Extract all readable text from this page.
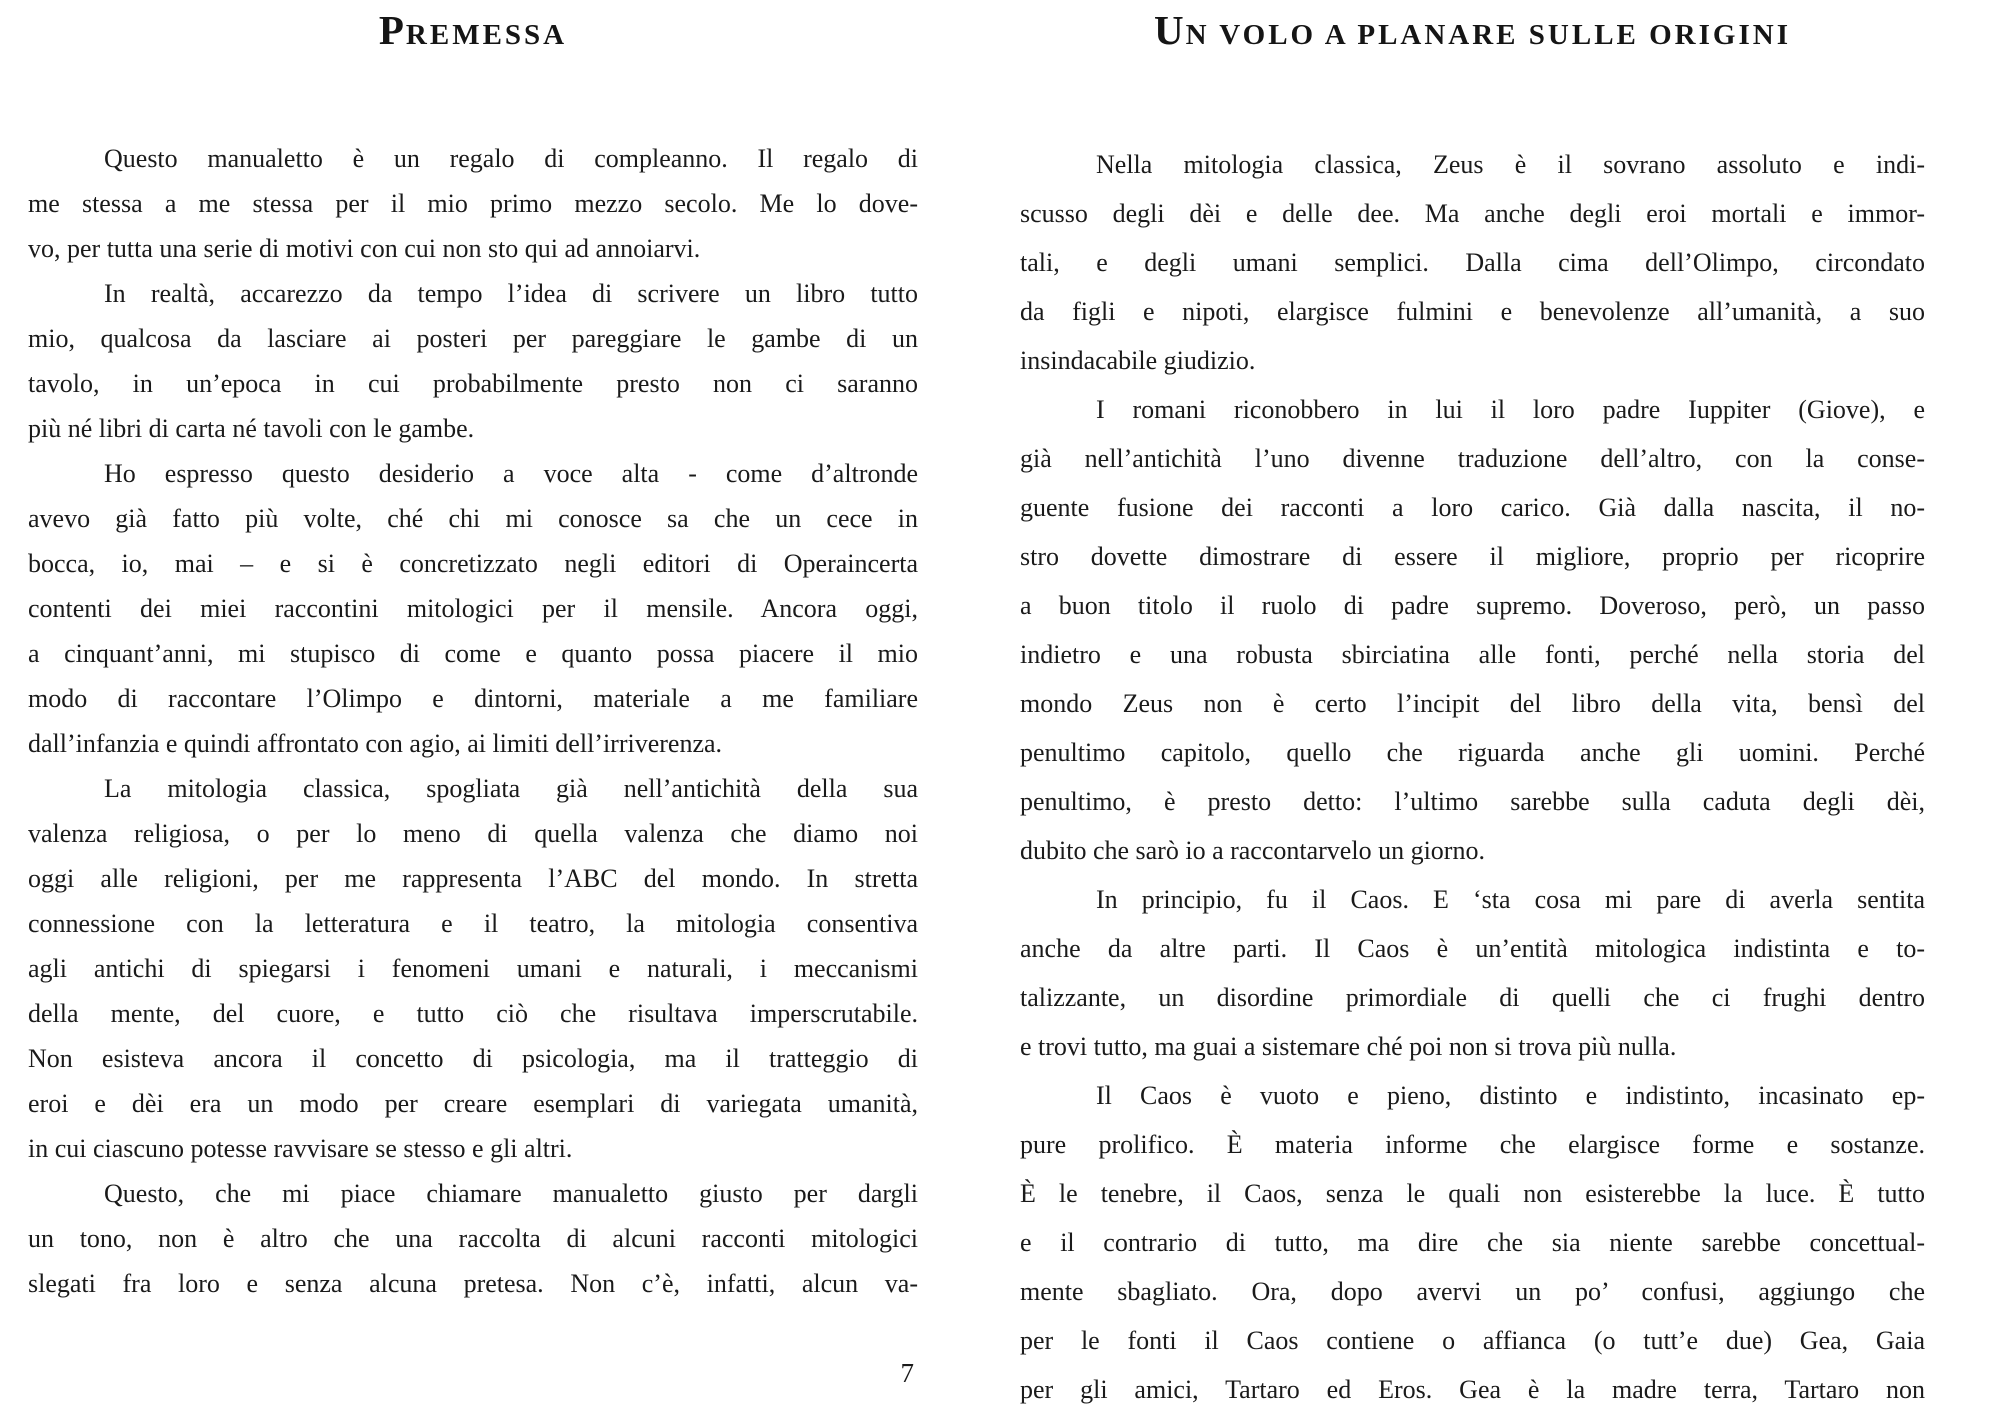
PREMESSA
Questo manualetto è un regalo di compleanno. Il regalo di
me stessa a me stessa per il mio primo mezzo secolo. Me lo dove-
vo, per tutta una serie di motivi con cui non sto qui ad annoiarvi.
In realtà, accarezzo da tempo l’idea di scrivere un libro tutto
mio, qualcosa da lasciare ai posteri per pareggiare le gambe di un
tavolo, in un’epoca in cui probabilmente presto non ci saranno
più né libri di carta né tavoli con le gambe.
Ho espresso questo desiderio a voce alta - come d’altronde
avevo già fatto più volte, ché chi mi conosce sa che un cece in
bocca, io, mai – e si è concretizzato negli editori di Operaincerta
contenti dei miei raccontini mitologici per il mensile. Ancora oggi,
a cinquant’anni, mi stupisco di come e quanto possa piacere il mio
modo di raccontare l’Olimpo e dintorni, materiale a me familiare
dall’infanzia e quindi affrontato con agio, ai limiti dell’irriverenza.
La mitologia classica, spogliata già nell’antichità della sua
valenza religiosa, o per lo meno di quella valenza che diamo noi
oggi alle religioni, per me rappresenta l’ABC del mondo. In stretta
connessione con la letteratura e il teatro, la mitologia consentiva
agli antichi di spiegarsi i fenomeni umani e naturali, i meccanismi
della mente, del cuore, e tutto ciò che risultava imperscrutabile.
Non esisteva ancora il concetto di psicologia, ma il tratteggio di
eroi e dèi era un modo per creare esemplari di variegata umanità,
in cui ciascuno potesse ravvisare se stesso e gli altri.
Questo, che mi piace chiamare manualetto giusto per dargli
un tono, non è altro che una raccolta di alcuni racconti mitologici
slegati fra loro e senza alcuna pretesa. Non c’è, infatti, alcun va-
7
UN VOLO A PLANARE SULLE ORIGINI
Nella mitologia classica, Zeus è il sovrano assoluto e indi-
scusso degli dèi e delle dee. Ma anche degli eroi mortali e immor-
tali, e degli umani semplici. Dalla cima dell’Olimpo, circondato
da figli e nipoti, elargisce fulmini e benevolenze all’umanità, a suo
insindacabile giudizio.
I romani riconobbero in lui il loro padre Iuppiter (Giove), e
già nell’antichità l’uno divenne traduzione dell’altro, con la conse-
guente fusione dei racconti a loro carico. Già dalla nascita, il no-
stro dovette dimostrare di essere il migliore, proprio per ricoprire
a buon titolo il ruolo di padre supremo. Doveroso, però, un passo
indietro e una robusta sbirciatina alle fonti, perché nella storia del
mondo Zeus non è certo l’incipit del libro della vita, bensì del
penultimo capitolo, quello che riguarda anche gli uomini. Perché
penultimo, è presto detto: l’ultimo sarebbe sulla caduta degli dèi,
dubito che sarò io a raccontarvelo un giorno.
In principio, fu il Caos. E ‘sta cosa mi pare di averla sentita
anche da altre parti. Il Caos è un’entità mitologica indistinta e to-
talizzante, un disordine primordiale di quelli che ci frughi dentro
e trovi tutto, ma guai a sistemare ché poi non si trova più nulla.
Il Caos è vuoto e pieno, distinto e indistinto, incasinato ep-
pure prolifico. È materia informe che elargisce forme e sostanze.
È le tenebre, il Caos, senza le quali non esisterebbe la luce. È tutto
e il contrario di tutto, ma dire che sia niente sarebbe concettual-
mente sbagliato. Ora, dopo avervi un po’ confusi, aggiungo che
per le fonti il Caos contiene o affianca (o tutt’e due) Gea, Gaia
per gli amici, Tartaro ed Eros. Gea è la madre terra, Tartaro non
